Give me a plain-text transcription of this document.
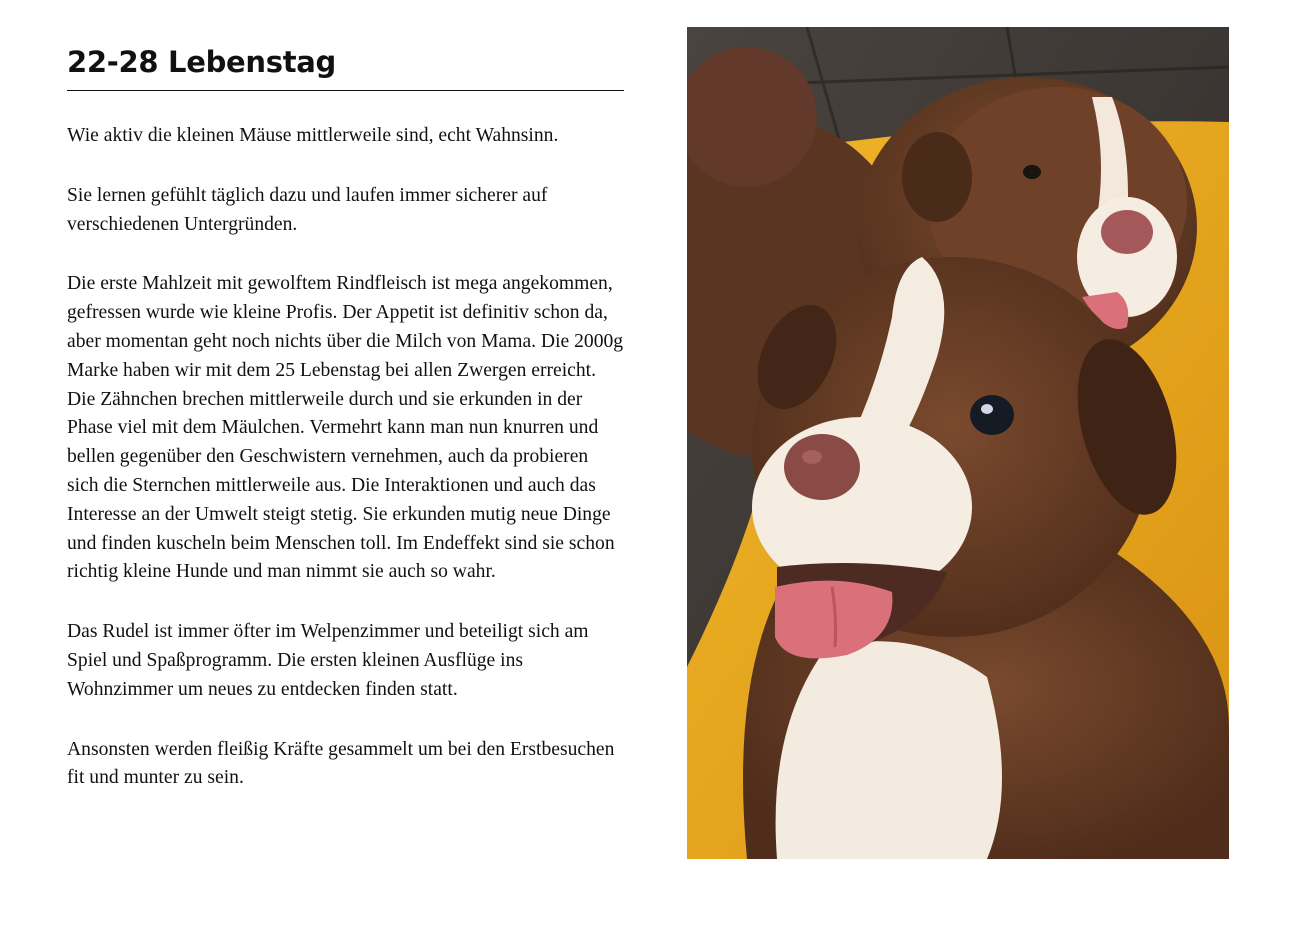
22-28 Lebenstag

Wie aktiv die kleinen Mäuse mittlerweile sind, echt Wahnsinn.

Sie lernen gefühlt täglich dazu und laufen immer sicherer auf verschiedenen Untergründen.

Die erste Mahlzeit mit gewolftem Rindfleisch ist mega angekommen, gefressen wurde wie kleine Profis. Der Appetit ist definitiv schon da, aber momentan geht noch nichts über die Milch von Mama. Die 2000g Marke haben wir mit dem 25 Lebenstag bei allen Zwergen erreicht. Die Zähnchen brechen mittlerweile durch und sie erkunden in der Phase viel mit dem Mäulchen. Vermehrt kann man nun knurren und bellen gegenüber den Geschwistern vernehmen, auch da probieren sich die Sternchen mittlerweile aus. Die Interaktionen und auch das Interesse an der Umwelt steigt stetig. Sie erkunden mutig neue Dinge und finden kuscheln beim Menschen toll. Im Endeffekt sind sie schon richtig kleine Hunde und man nimmt sie auch so wahr.

Das Rudel ist immer öfter im Welpenzimmer und beteiligt sich am Spiel und Spaßprogramm. Die ersten kleinen Ausflüge ins Wohnzimmer um neues zu entdecken finden statt.

Ansonsten werden fleißig Kräfte gesammelt um bei den Erstbesuchen fit und munter zu sein.
